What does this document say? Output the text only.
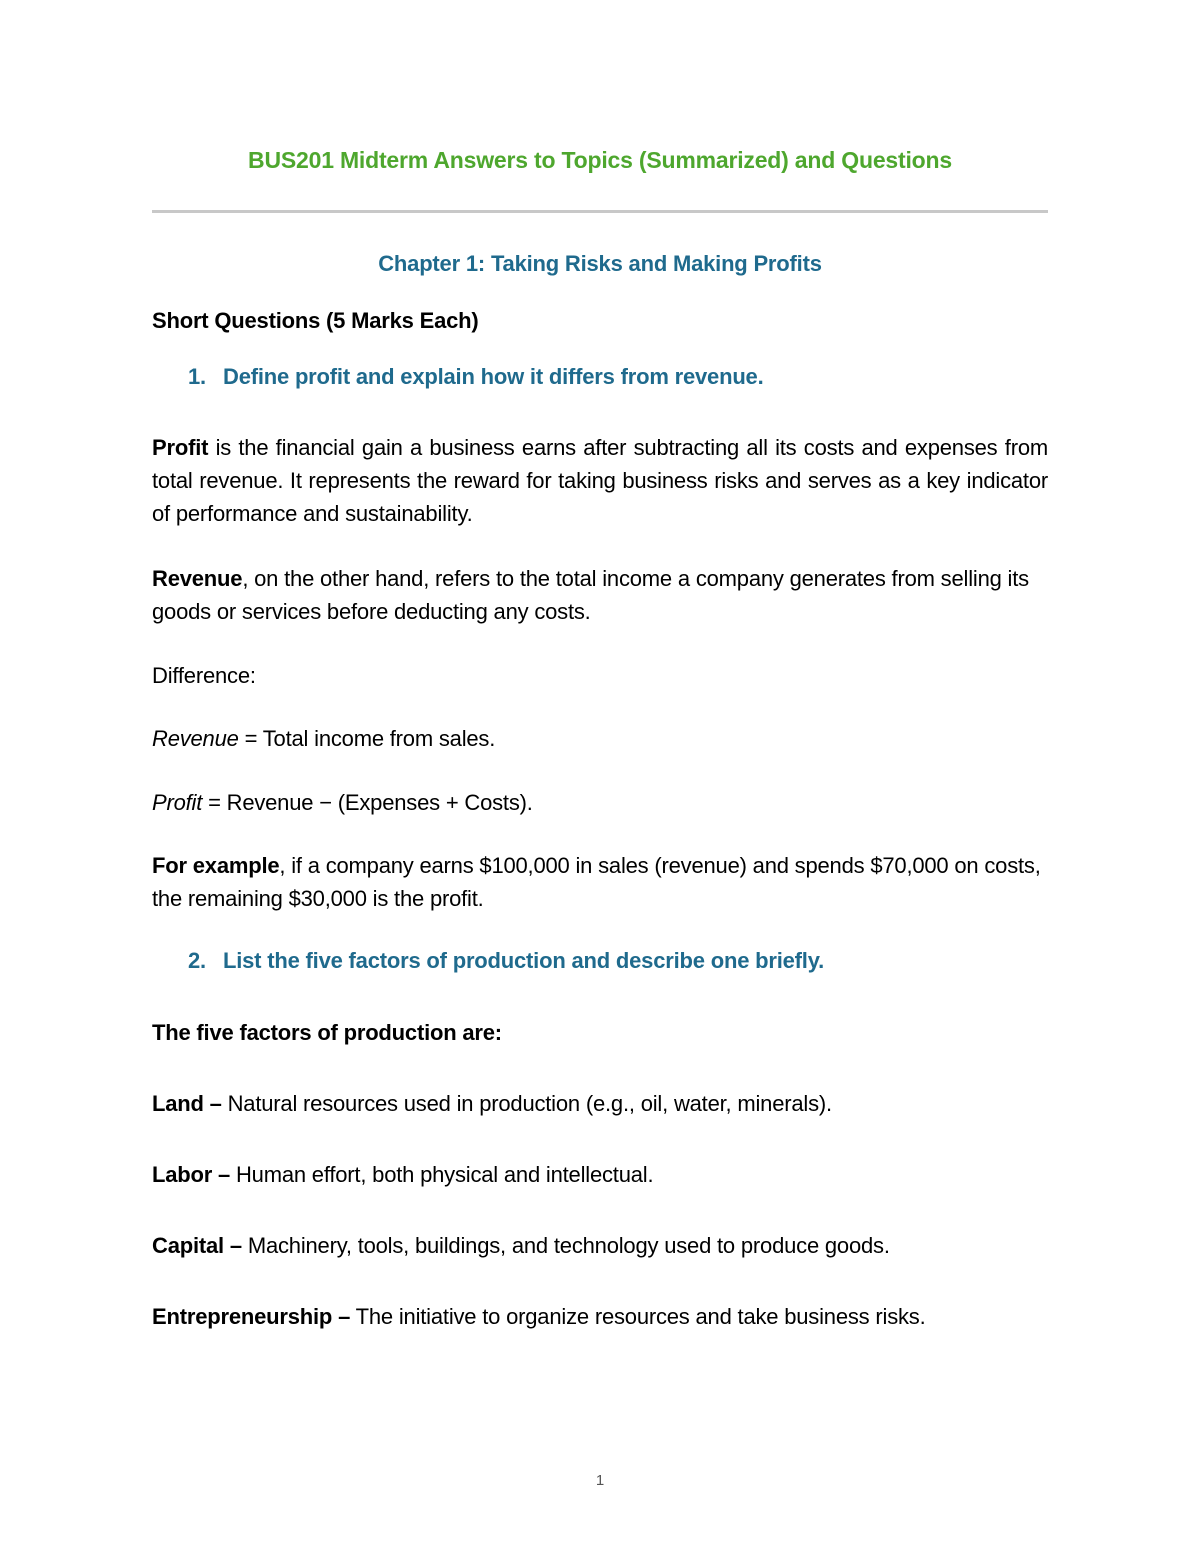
BUS201 Midterm Answers to Topics (Summarized) and Questions
Chapter 1: Taking Risks and Making Profits
Short Questions (5 Marks Each)
1. Define profit and explain how it differs from revenue.
Profit is the financial gain a business earns after subtracting all its costs and expenses from total revenue. It represents the reward for taking business risks and serves as a key indicator of performance and sustainability.
Revenue, on the other hand, refers to the total income a company generates from selling its goods or services before deducting any costs.
Difference:
Revenue = Total income from sales.
Profit = Revenue − (Expenses + Costs).
For example, if a company earns $100,000 in sales (revenue) and spends $70,000 on costs, the remaining $30,000 is the profit.
2. List the five factors of production and describe one briefly.
The five factors of production are:
Land – Natural resources used in production (e.g., oil, water, minerals).
Labor – Human effort, both physical and intellectual.
Capital – Machinery, tools, buildings, and technology used to produce goods.
Entrepreneurship – The initiative to organize resources and take business risks.
1
